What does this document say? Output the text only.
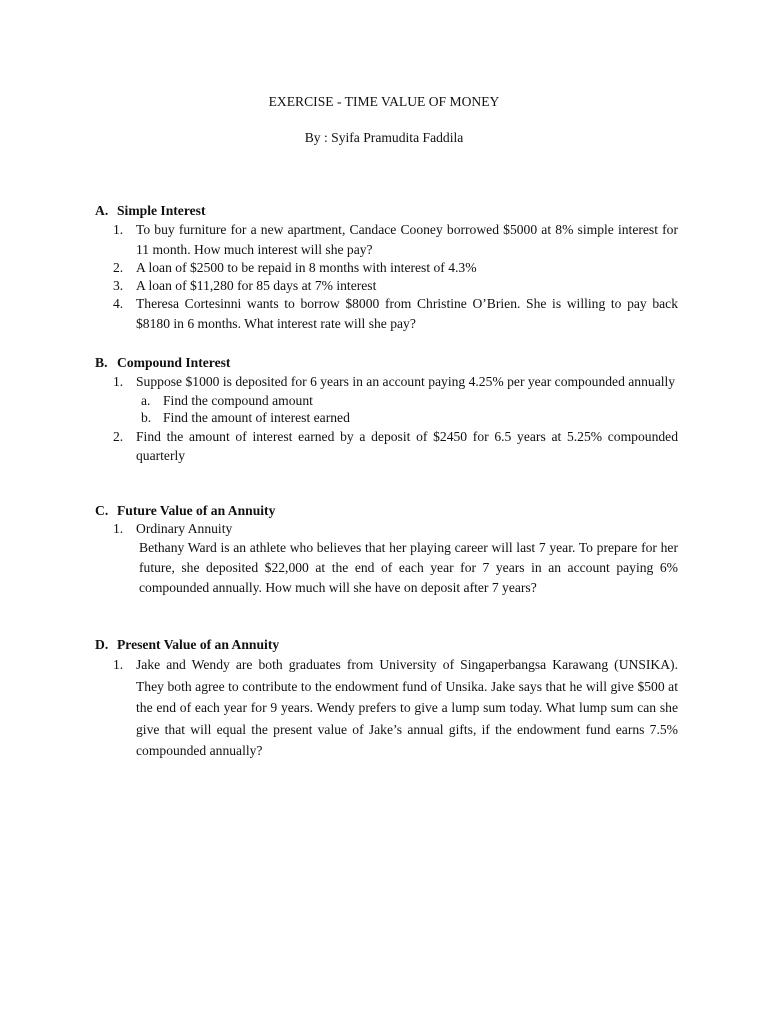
EXERCISE - TIME VALUE OF MONEY
By : Syifa Pramudita Faddila
A. Simple Interest
1. To buy furniture for a new apartment, Candace Cooney borrowed $5000 at 8% simple interest for 11 month. How much interest will she pay?
2. A loan of $2500 to be repaid in 8 months with interest of 4.3%
3. A loan of $11,280 for 85 days at 7% interest
4. Theresa Cortesinni wants to borrow $8000 from Christine O’Brien. She is willing to pay back $8180 in 6 months. What interest rate will she pay?
B. Compound Interest
1. Suppose $1000 is deposited for 6 years in an account paying 4.25% per year compounded annually
a. Find the compound amount
b. Find the amount of interest earned
2. Find the amount of interest earned by a deposit of $2450 for 6.5 years at 5.25% compounded quarterly
C. Future Value of an Annuity
1. Ordinary Annuity
Bethany Ward is an athlete who believes that her playing career will last 7 year. To prepare for her future, she deposited $22,000 at the end of each year for 7 years in an account paying 6% compounded annually. How much will she have on deposit after 7 years?
D. Present Value of an Annuity
1. Jake and Wendy are both graduates from University of Singaperbangsa Karawang (UNSIKA). They both agree to contribute to the endowment fund of Unsika. Jake says that he will give $500 at the end of each year for 9 years. Wendy prefers to give a lump sum today. What lump sum can she give that will equal the present value of Jake’s annual gifts, if the endowment fund earns 7.5% compounded annually?
